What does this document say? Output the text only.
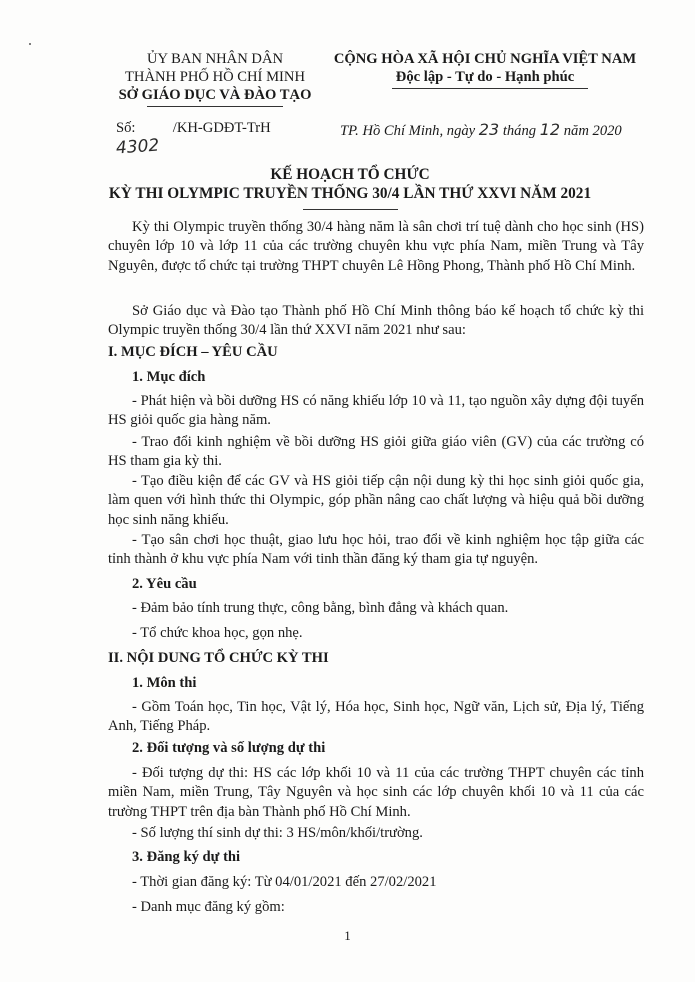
ỦY BAN NHÂN DÂN
THÀNH PHỐ HỒ CHÍ MINH
SỞ GIÁO DỤC VÀ ĐÀO TẠO
CỘNG HÒA XÃ HỘI CHỦ NGHĨA VIỆT NAM
Độc lập - Tự do - Hạnh phúc
Số:	/KH-GDĐT-TrH
4302
TP. Hồ Chí Minh, ngày 23 tháng 12 năm 2020
KẾ HOẠCH TỔ CHỨC
KỲ THI OLYMPIC TRUYỀN THỐNG 30/4 LẦN THỨ XXVI NĂM 2021
Kỳ thi Olympic truyền thống 30/4 hàng năm là sân chơi trí tuệ dành cho học sinh (HS) chuyên lớp 10 và lớp 11 của các trường chuyên khu vực phía Nam, miền Trung và Tây Nguyên, được tổ chức tại trường THPT chuyên Lê Hồng Phong, Thành phố Hồ Chí Minh.
Sở Giáo dục và Đào tạo Thành phố Hồ Chí Minh thông báo kế hoạch tổ chức kỳ thi Olympic truyền thống 30/4 lần thứ XXVI năm 2021 như sau:
I. MỤC ĐÍCH – YÊU CẦU
1. Mục đích
- Phát hiện và bồi dưỡng HS có năng khiếu lớp 10 và 11, tạo nguồn xây dựng đội tuyển HS giỏi quốc gia hàng năm.
- Trao đổi kinh nghiệm về bồi dưỡng HS giỏi giữa giáo viên (GV) của các trường có HS tham gia kỳ thi.
- Tạo điều kiện để các GV và HS giỏi tiếp cận nội dung kỳ thi học sinh giỏi quốc gia, làm quen với hình thức thi Olympic, góp phần nâng cao chất lượng và hiệu quả bồi dưỡng học sinh năng khiếu.
- Tạo sân chơi học thuật, giao lưu học hỏi, trao đổi về kinh nghiệm học tập giữa các tỉnh thành ở khu vực phía Nam với tinh thần đăng ký tham gia tự nguyện.
2. Yêu cầu
- Đảm bảo tính trung thực, công bằng, bình đẳng và khách quan.
- Tổ chức khoa học, gọn nhẹ.
II. NỘI DUNG TỔ CHỨC KỲ THI
1. Môn thi
- Gồm Toán học, Tin học, Vật lý, Hóa học, Sinh học, Ngữ văn, Lịch sử, Địa lý, Tiếng Anh, Tiếng Pháp.
2. Đối tượng và số lượng dự thi
- Đối tượng dự thi: HS các lớp khối 10 và 11 của các trường THPT chuyên các tỉnh miền Nam, miền Trung, Tây Nguyên và học sinh các lớp chuyên khối 10 và 11 của các trường THPT trên địa bàn Thành phố Hồ Chí Minh.
- Số lượng thí sinh dự thi: 3 HS/môn/khối/trường.
3. Đăng ký dự thi
- Thời gian đăng ký: Từ 04/01/2021 đến 27/02/2021
- Danh mục đăng ký gồm:
1
